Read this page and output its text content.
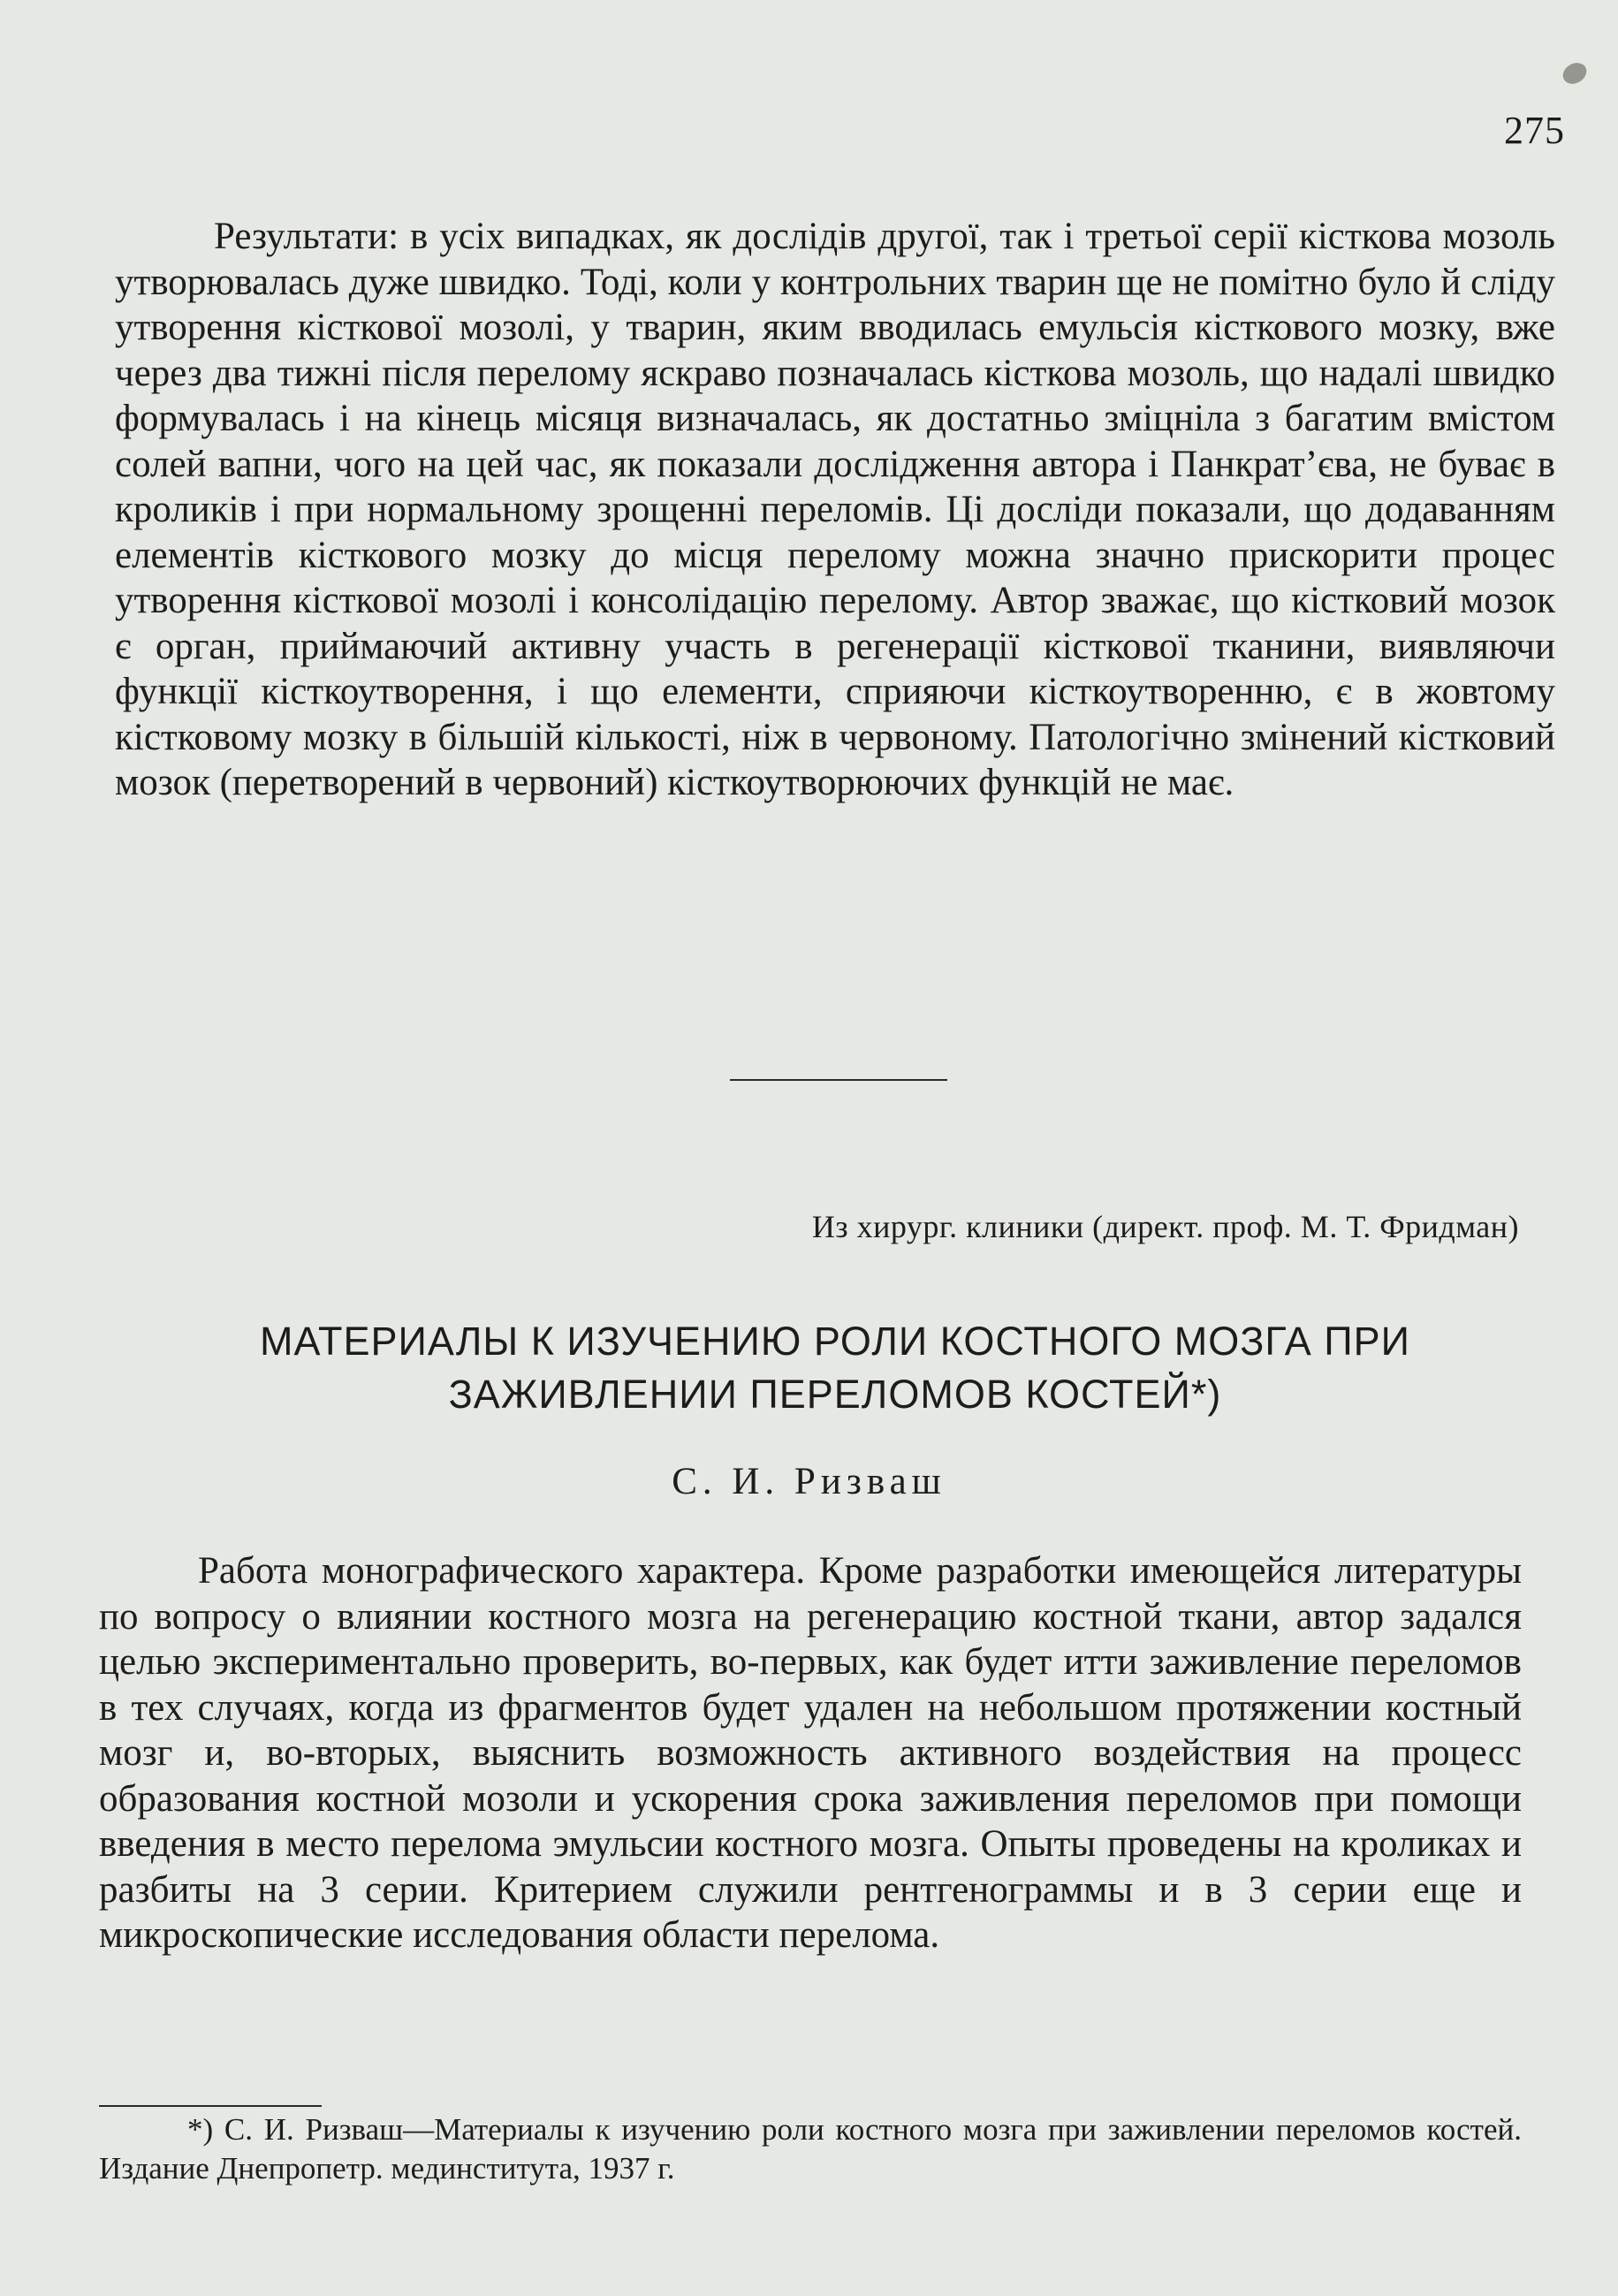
275

Результати: в усіх випадках, як дослідів другої, так і третьої серії кісткова мозоль утворювалась дуже швидко. Тоді, коли у контрольних тварин ще не помітно було й сліду утворення кісткової мозолі, у тварин, яким вводилась емульсія кісткового мозку, вже через два тижні після перелому яскраво позначалась кісткова мозоль, що надалі швидко формувалась і на кінець місяця визначалась, як достатньо зміцніла з багатим вмістом солей вапни, чого на цей час, як показали дослідження автора і Панкрат’єва, не буває в кроликів і при нормальному зрощенні переломів. Ці досліди показали, що додаванням елементів кісткового мозку до місця перелому можна значно прискорити процес утворення кісткової мозолі і консолідацію перелому. Автор зважає, що кістковий мозок є орган, приймаючий активну участь в регенерації кісткової тканини, виявляючи функції кісткоутворення, і що елементи, сприяючи кісткоутворенню, є в жовтому кістковому мозку в більшій кількості, ніж в червоному. Патологічно змінений кістковий мозок (перетворений в червоний) кісткоутворюючих функцій не має.

Из хирург. клиники (директ. проф. М. Т. Фридман)
МАТЕРИАЛЫ К ИЗУЧЕНИЮ РОЛИ КОСТНОГО МОЗГА ПРИ ЗАЖИВЛЕНИИ ПЕРЕЛОМОВ КОСТЕЙ*)
С. И. Ризваш

Работа монографического характера. Кроме разработки имеющейся литературы по вопросу о влиянии костного мозга на регенерацию костной ткани, автор задался целью экспериментально проверить, во-первых, как будет итти заживление переломов в тех случаях, когда из фрагментов будет удален на небольшом протяжении костный мозг и, во-вторых, выяснить возможность активного воздействия на процесс образования костной мозоли и ускорения срока заживления переломов при помощи введения в место перелома эмульсии костного мозга. Опыты проведены на кроликах и разбиты на 3 серии. Критерием служили рентгенограммы и в 3 серии еще и микроскопические исследования области перелома.

*) С. И. Ризваш—Материалы к изучению роли костного мозга при заживлении переломов костей. Издание Днепропетр. мединститута, 1937 г.
